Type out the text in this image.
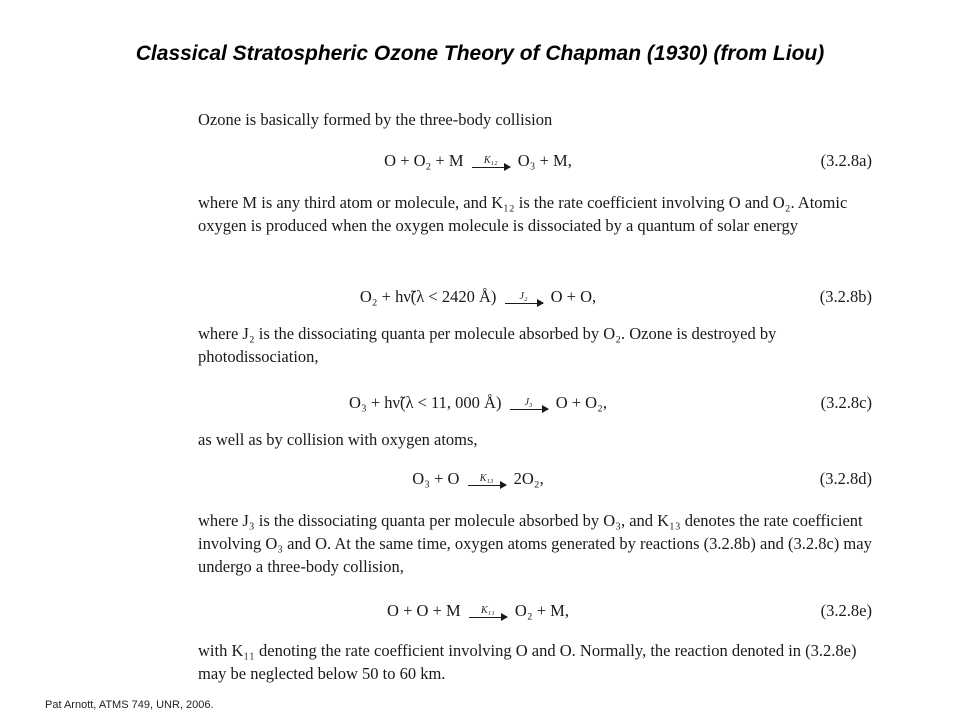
Classical Stratospheric Ozone Theory of Chapman (1930) (from Liou)
Ozone is basically formed by the three-body collision
O + O₂ + M	K₁₂	O₃ + M,	(3.2.8a)
where M is any third atom or molecule, and K₁₂ is the rate coefficient involving O and O₂. Atomic oxygen is produced when the oxygen molecule is dissociated by a quantum of solar energy
O₂ + hν̃(λ < 2420 Å)	J₂	O + O,	(3.2.8b)
where J₂ is the dissociating quanta per molecule absorbed by O₂. Ozone is destroyed by photodissociation,
O₃ + hν̃(λ < 11, 000 Å)	J₃	O + O₂,	(3.2.8c)
as well as by collision with oxygen atoms,
O₃ + O	K₁₃	2O₂,	(3.2.8d)
where J₃ is the dissociating quanta per molecule absorbed by O₃, and K₁₃ denotes the rate coefficient involving O₃ and O. At the same time, oxygen atoms generated by reactions (3.2.8b) and (3.2.8c) may undergo a three-body collision,
O + O + M	K₁₁	O₂ + M,	(3.2.8e)
with K₁₁ denoting the rate coefficient involving O and O. Normally, the reaction denoted in (3.2.8e) may be neglected below 50 to 60 km.
Pat Arnott, ATMS 749, UNR, 2006.
